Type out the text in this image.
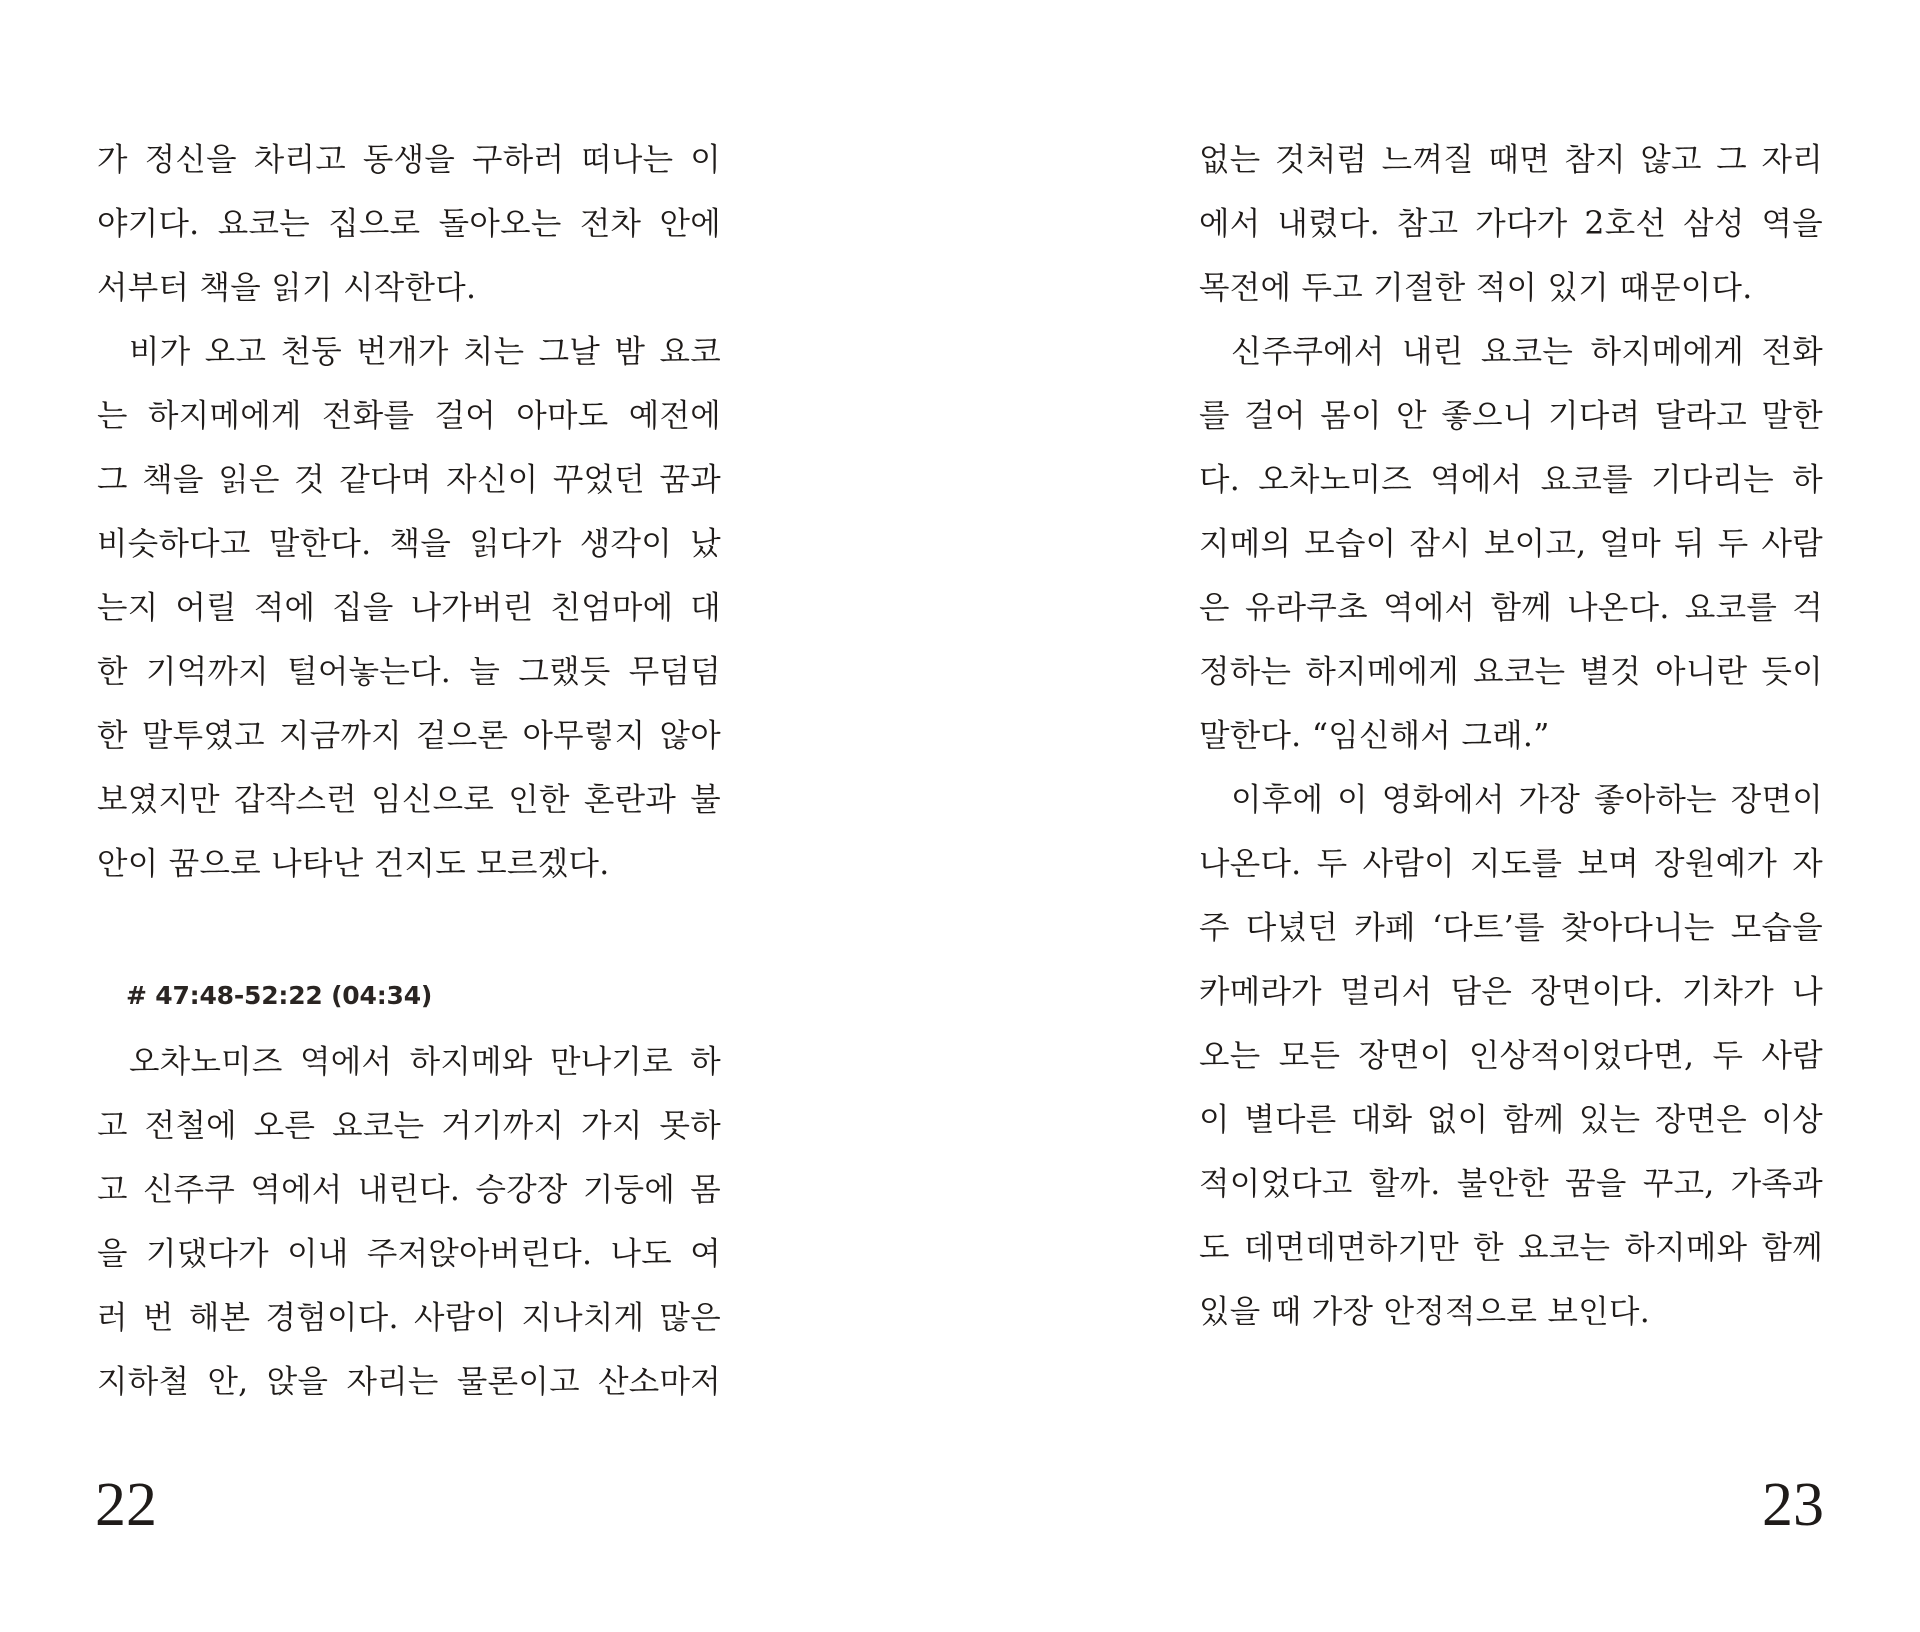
가 정신을 차리고 동생을 구하러 떠나는 이
야기다. 요코는 집으로 돌아오는 전차 안에
서부터 책을 읽기 시작한다.
비가 오고 천둥 번개가 치는 그날 밤 요코
는 하지메에게 전화를 걸어 아마도 예전에
그 책을 읽은 것 같다며 자신이 꾸었던 꿈과
비슷하다고 말한다. 책을 읽다가 생각이 났
는지 어릴 적에 집을 나가버린 친엄마에 대
한 기억까지 털어놓는다. 늘 그랬듯 무덤덤
한 말투였고 지금까지 겉으론 아무렇지 않아
보였지만 갑작스런 임신으로 인한 혼란과 불
안이 꿈으로 나타난 건지도 모르겠다.
# 47:48-52:22 (04:34)
오차노미즈 역에서 하지메와 만나기로 하
고 전철에 오른 요코는 거기까지 가지 못하
고 신주쿠 역에서 내린다. 승강장 기둥에 몸
을 기댔다가 이내 주저앉아버린다. 나도 여
러 번 해본 경험이다. 사람이 지나치게 많은
지하철 안, 앉을 자리는 물론이고 산소마저
22
없는 것처럼 느껴질 때면 참지 않고 그 자리
에서 내렸다. 참고 가다가 2호선 삼성 역을
목전에 두고 기절한 적이 있기 때문이다.
신주쿠에서 내린 요코는 하지메에게 전화
를 걸어 몸이 안 좋으니 기다려 달라고 말한
다. 오차노미즈 역에서 요코를 기다리는 하
지메의 모습이 잠시 보이고, 얼마 뒤 두 사람
은 유라쿠초 역에서 함께 나온다. 요코를 걱
정하는 하지메에게 요코는 별것 아니란 듯이
말한다. “임신해서 그래.”
이후에 이 영화에서 가장 좋아하는 장면이
나온다. 두 사람이 지도를 보며 장원예가 자
주 다녔던 카페 ‘다트’를 찾아다니는 모습을
카메라가 멀리서 담은 장면이다. 기차가 나
오는 모든 장면이 인상적이었다면, 두 사람
이 별다른 대화 없이 함께 있는 장면은 이상
적이었다고 할까. 불안한 꿈을 꾸고, 가족과
도 데면데면하기만 한 요코는 하지메와 함께
있을 때 가장 안정적으로 보인다.
23
